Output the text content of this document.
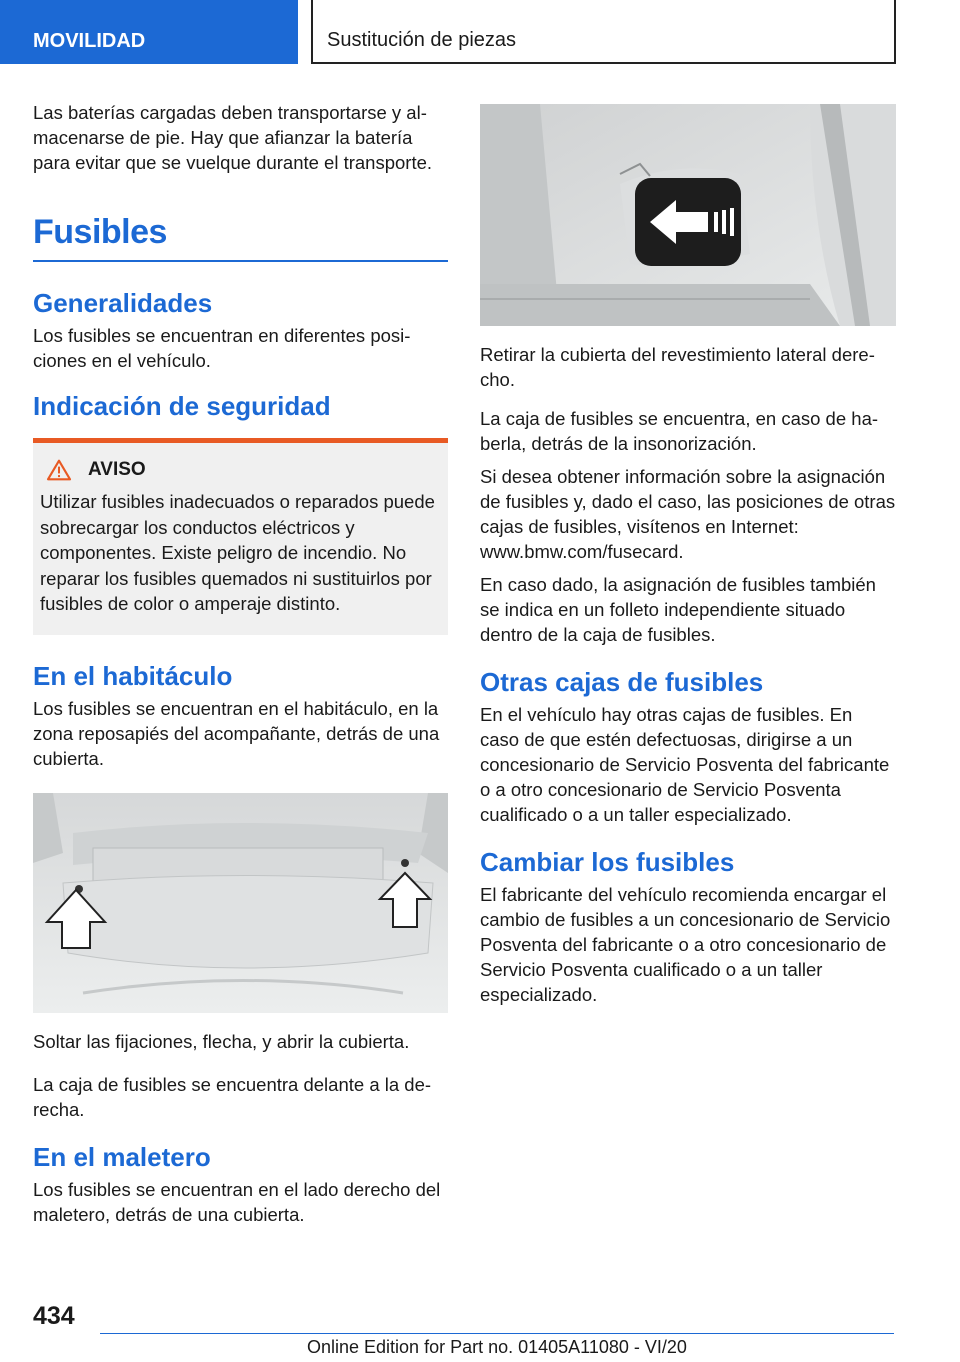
MOVILIDAD	Sustitución de piezas

Las baterías cargadas deben transportarse y almacenarse de pie. Hay que afianzar la batería para evitar que se vuelque durante el transporte.

Fusibles
Generalidades

Los fusibles se encuentran en diferentes posiciones en el vehículo.

Indicación de seguridad
AVISO

Utilizar fusibles inadecuados o reparados puede sobrecargar los conductos eléctricos y componentes. Existe peligro de incendio. No reparar los fusibles quemados ni sustituirlos por fusibles de color o amperaje distinto.

En el habitáculo

Los fusibles se encuentran en el habitáculo, en la zona reposapiés del acompañante, detrás de una cubierta.

Soltar las fijaciones, flecha, y abrir la cubierta.

La caja de fusibles se encuentra delante a la derecha.

En el maletero

Los fusibles se encuentran en el lado derecho del maletero, detrás de una cubierta.

Retirar la cubierta del revestimiento lateral derecho.

La caja de fusibles se encuentra, en caso de haberla, detrás de la insonorización.

Si desea obtener información sobre la asignación de fusibles y, dado el caso, las posiciones de otras cajas de fusibles, visítenos en Internet: www.bmw.com/fusecard.

En caso dado, la asignación de fusibles también se indica en un folleto independiente situado dentro de la caja de fusibles.

Otras cajas de fusibles

En el vehículo hay otras cajas de fusibles. En caso de que estén defectuosas, dirigirse a un concesionario de Servicio Posventa del fabricante o a otro concesionario de Servicio Posventa cualificado o a un taller especializado.

Cambiar los fusibles

El fabricante del vehículo recomienda encargar el cambio de fusibles a un concesionario de Servicio Posventa del fabricante o a otro concesionario de Servicio Posventa cualificado o a un taller especializado.

434
Online Edition for Part no. 01405A11080 - VI/20
